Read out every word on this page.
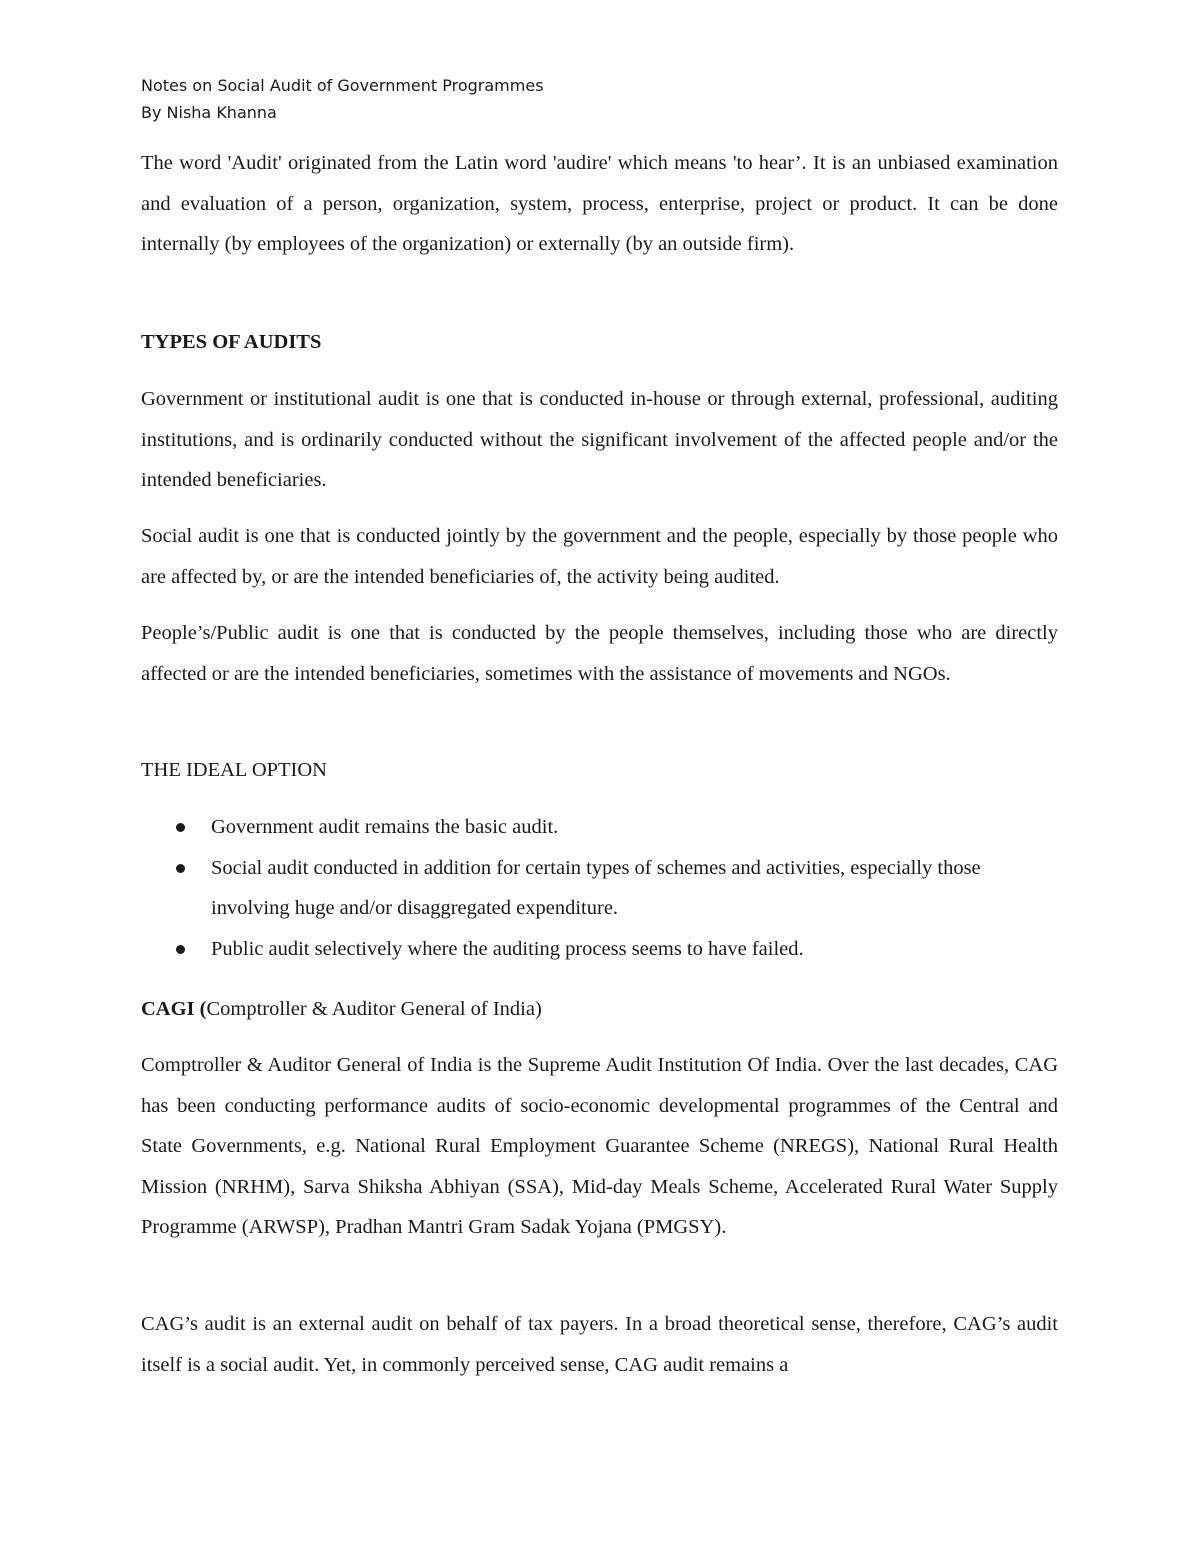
Notes on Social Audit of Government Programmes
By Nisha Khanna

The word 'Audit' originated from the Latin word 'audire' which means 'to hear’. It is an unbiased examination and evaluation of a person, organization, system, process, enterprise, project or product. It can be done internally (by employees of the organization) or externally (by an outside firm).

TYPES OF AUDITS

Government or institutional audit is one that is conducted in-house or through external, professional, auditing institutions, and is ordinarily conducted without the significant involvement of the affected people and/or the intended beneficiaries.

Social audit is one that is conducted jointly by the government and the people, especially by those people who are affected by, or are the intended beneficiaries of, the activity being audited.

People’s/Public audit is one that is conducted by the people themselves, including those who are directly affected or are the intended beneficiaries, sometimes with the assistance of movements and NGOs.

THE IDEAL OPTION

Government audit remains the basic audit.
Social audit conducted in addition for certain types of schemes and activities, especially those involving huge and/or disaggregated expenditure.
Public audit selectively where the auditing process seems to have failed.

CAGI (Comptroller & Auditor General of India)

Comptroller & Auditor General of India is the Supreme Audit Institution Of India. Over the last decades, CAG has been conducting performance audits of socio-economic developmental programmes of the Central and State Governments, e.g. National Rural Employment Guarantee Scheme (NREGS), National Rural Health Mission (NRHM), Sarva Shiksha Abhiyan (SSA), Mid-day Meals Scheme, Accelerated Rural Water Supply Programme (ARWSP), Pradhan Mantri Gram Sadak Yojana (PMGSY).

CAG’s audit is an external audit on behalf of tax payers. In a broad theoretical sense, therefore, CAG’s audit itself is a social audit. Yet, in commonly perceived sense, CAG audit remains a
